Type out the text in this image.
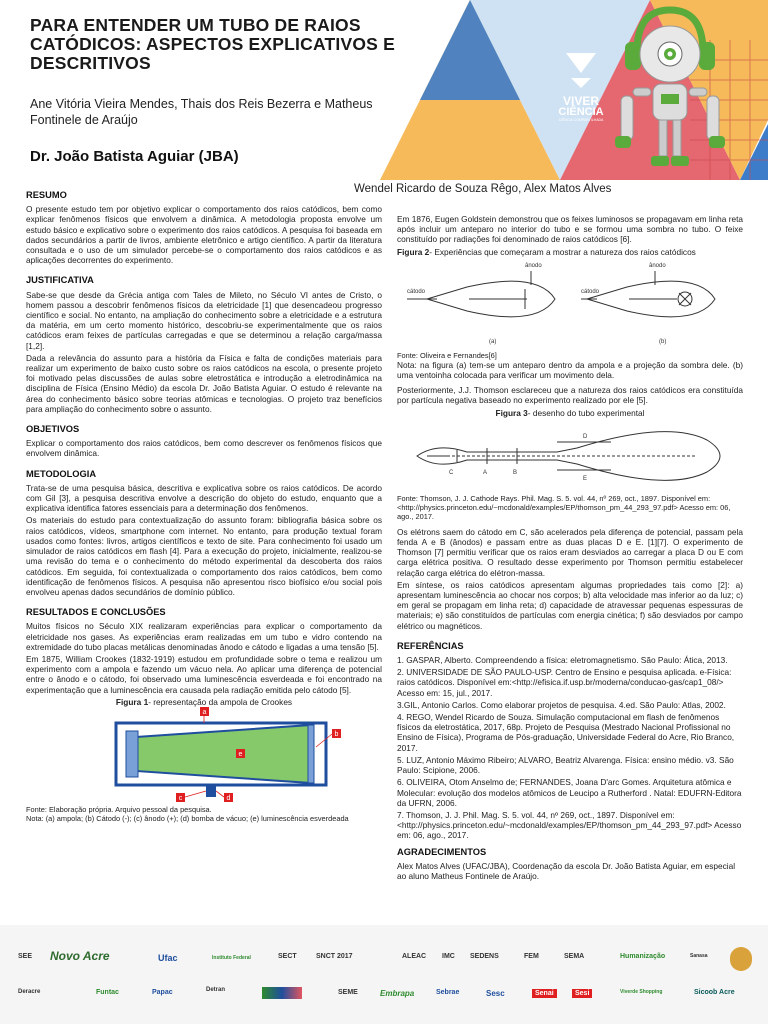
PARA ENTENDER UM TUBO DE RAIOS CATÓDICOS: ASPECTOS EXPLICATIVOS E DESCRITIVOS
Ane Vitória Vieira Mendes, Thais dos Reis Bezerra e Matheus Fontinele de Araújo
Dr. João Batista Aguiar (JBA)
VIVER
CIÊNCIA
CIÊNCIA COMPARTILHADA
Wendel Ricardo de Souza Rêgo, Alex Matos Alves
RESUMO

O presente estudo tem por objetivo explicar o comportamento dos raios catódicos, bem como explicar fenômenos físicos que envolvem a dinâmica. A metodologia proposta envolve um estudo básico e explicativo sobre o experimento dos raios catódicos. A pesquisa foi baseada em dados secundários a partir de livros, ambiente eletrônico e artigo científico. A partir da literatura consultada e o uso de um simulador percebe-se o comportamento dos raios catódicos e as aplicações decorrentes do experimento.

JUSTIFICATIVA

Sabe-se que desde da Grécia antiga com Tales de Mileto, no Século VI antes de Cristo, o homem passou a descobrir fenômenos físicos da eletricidade [1] que desencadeou progresso científico e social. No entanto, na ampliação do conhecimento sobre a eletricidade e a estrutura da matéria, em um certo momento histórico, descobriu-se experimentalmente que os raios catódicos eram feixes de partículas carregadas e que se determinou a relação carga/massa [1,2].

Dada a relevância do assunto para a história da Física e falta de condições materiais para realizar um experimento de baixo custo sobre os raios catódicos na escola, o presente projeto foi motivado pelas discussões de aulas sobre eletrostática e introdução a eletrodinâmica na disciplina de Física (Ensino Médio) da escola Dr. João Batista Aguiar. O estudo é relevante na área do conhecimento básico sobre teorias atômicas e tecnologias. O projeto traz benefícios para ampliação do conhecimento sobre o assunto.

OBJETIVOS

Explicar o comportamento dos raios catódicos, bem como descrever os fenômenos físicos que envolvem dinâmica.

METODOLOGIA

Trata-se de uma pesquisa básica, descritiva e explicativa sobre os raios catódicos. De acordo com Gil [3], a pesquisa descritiva envolve a descrição do objeto do estudo, enquanto que a explicativa identifica fatores essenciais para a determinação dos fenômenos.

Os materiais do estudo para contextualização do assunto foram: bibliografia básica sobre os raios catódicos, vídeos, smartphone com internet. No entanto, para produção textual foram usados como fontes: livros, artigos científicos e texto de site. Para conhecimento foi usado um simulador de raios catódicos em flash [4]. Para a execução do projeto, inicialmente, realizou-se uma revisão do tema e o conhecimento do método experimental da descoberta dos raios catódicos. Em seguida, foi contextualizada o comportamento dos raios catódicos, bem como identificação de fenômenos físicos. A pesquisa não apresentou risco biofísico e/ou social pois envolveu apenas dados secundários de domínio público.

RESULTADOS E CONCLUSÕES

Muitos físicos no Século XIX realizaram experiências para explicar o comportamento da eletricidade nos gases. As experiências eram realizadas em um tubo e vidro contendo na extremidade do tubo placas metálicas denominadas ânodo e cátodo e ligadas a uma tensão [5].

Em 1875, William Crookes (1832-1919) estudou em profundidade sobre o tema e realizou um experimento com a ampola e fazendo um vácuo nela. Ao aplicar uma diferença de potencial entre o ânodo e o cátodo, foi observado uma luminescência esverdeada e foi encontrado na experimentação que a luminescência era causada pela radiação emitida pelo cátodo [5].

Figura 1- representação da ampola de Crookes
a
b
c	d
e
Fonte: Elaboração própria. Arquivo pessoal da pesquisa.
Nota: (a) ampola; (b) Cátodo (-); (c) ânodo (+); (d) bomba de vácuo; (e) luminescência esverdeada

Em 1876, Eugen Goldstein demonstrou que os feixes luminosos se propagavam em linha reta após incluir um anteparo no interior do tubo e se formou uma sombra no tubo. O feixe constituído por radiações foi denominado de raios catódicos [6].

Figura 2- Experiências que começaram a mostrar a natureza dos raios catódicos
ânodo
cátodo
(a)
ânodo
cátodo
(b)
Fonte: Oliveira e Fernandes[6]

Nota: na figura (a) tem-se um anteparo dentro da ampola e a projeção da sombra dele. (b) uma ventoinha colocada para verificar um movimento dela.

Posteriormente, J.J. Thomson esclareceu que a natureza dos raios catódicos era constituída por partícula negativa baseado no experimento realizado por ele [5].

Figura 3- desenho do tubo experimental
C	A	B
D
E
Fonte: Thomson, J. J. Cathode Rays. Phil. Mag. S. 5. vol. 44, nº 269, oct., 1897. Disponível em:<http://physics.princeton.edu/~mcdonald/examples/EP/thomson_pm_44_293_97.pdf> Acesso em: 06, ago., 2017.

Os elétrons saem do cátodo em C, são acelerados pela diferença de potencial, passam pela fenda A e B (ânodos) e passam entre as duas placas D e E. [1][7]. O experimento de Thomson [7] permitiu verificar que os raios eram desviados ao carregar a placa D ou E com carga elétrica positiva. O resultado desse experimento por Thomson permitiu estabelecer relação carga elétrica do elétron-massa.

Em síntese, os raios catódicos apresentam algumas propriedades tais como [2]: a) apresentam luminescência ao chocar nos corpos; b) alta velocidade mas inferior ao da luz; c) em geral se propagam em linha reta; d) capacidade de atravessar pequenas espessuras de materiais; e) são constituídos de partículas com energia cinética; f) são desviados por campo elétrico ou magnéticos.

REFERÊNCIAS

1. GASPAR, Alberto. Compreendendo a física: eletromagnetismo. São Paulo: Ática, 2013.

2. UNIVERSIDADE DE SÃO PAULO-USP. Centro de Ensino e pesquisa aplicada. e-Física: raios catódicos. Disponível em:<http://efisica.if.usp.br/moderna/conducao-gas/cap1_08/> Acesso em: 15, jul., 2017.

3.GIL, Antonio Carlos. Como elaborar projetos de pesquisa. 4.ed. São Paulo: Atlas, 2002.

4. REGO, Wendel Ricardo de Souza. Simulação computacional em flash de fenômenos físicos da eletrostática, 2017, 68p. Projeto de Pesquisa (Mestrado Nacional Profissional no Ensino de Física), Programa de Pós-graduação, Universidade Federal do Acre, Rio Branco, 2017.

5. LUZ, Antonio Máximo Ribeiro; ALVARO, Beatriz Alvarenga. Física: ensino médio. v3. São Paulo: Scipione, 2006.

6. OLIVEIRA, Otom Anselmo de; FERNANDES, Joana D'arc Gomes. Arquitetura atômica e Molecular: evolução dos modelos atômicos de Leucipo a Rutherford . Natal: EDUFRN-Editora da UFRN, 2006.

7. Thomson, J. J. Phil. Mag. S. 5. vol. 44, nº 269, oct., 1897. Disponível em:<http://physics.princeton.edu/~mcdonald/examples/EP/thomson_pm_44_293_97.pdf> Acesso em: 06, ago., 2017.

AGRADECIMENTOS

Alex Matos Alves (UFAC/JBA), Coordenação da escola Dr. João Batista Aguiar, em especial ao aluno Matheus Fontinele de Araújo.

SEE Novo Acre	Ufac	Instituto Federal	SECT	SNCT 2017	ALEAC IMC SEDENS	FEM	SEMA	Humanização	Sanasa
Deracre	Funtac	Papac	Detran	SEME	Embrapa	Sebrae	Sesc	Senai	Sesi	Viverde Shopping	Sicoob Acre
